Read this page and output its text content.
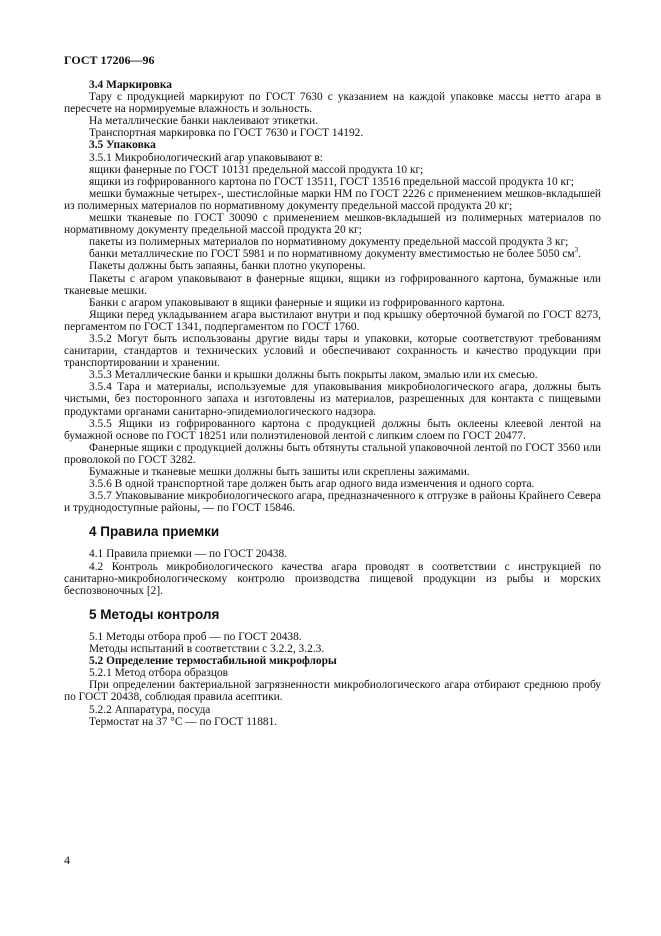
ГОСТ 17206—96

3.4 Маркировка

Тару с продукцией маркируют по ГОСТ 7630 с указанием на каждой упаковке массы нетто агара в пересчете на нормируемые влажность и зольность.

На металлические банки наклеивают этикетки.

Транспортная маркировка по ГОСТ 7630 и ГОСТ 14192.

3.5 Упаковка

3.5.1 Микробиологический агар упаковывают в:

ящики фанерные по ГОСТ 10131 предельной массой продукта 10 кг;

ящики из гофрированного картона по ГОСТ 13511, ГОСТ 13516 предельной массой продукта 10 кг;

мешки бумажные четырех-, шестислойные марки НМ по ГОСТ 2226 с применением мешков-вкладышей из полимерных материалов по нормативному документу предельной массой продукта 20 кг;

мешки тканевые по ГОСТ 30090 с применением мешков-вкладышей из полимерных материалов по нормативному документу предельной массой продукта 20 кг;

пакеты из полимерных материалов по нормативному документу предельной массой продукта 3 кг;

банки металлические по ГОСТ 5981 и по нормативному документу вместимостью не более 5050 $см^3$.

Пакеты должны быть запаяны, банки плотно укупорены.

Пакеты с агаром упаковывают в фанерные ящики, ящики из гофрированного картона, бумажные или тканевые мешки.

Банки с агаром упаковывают в ящики фанерные и ящики из гофрированного картона.

Ящики перед укладыванием агара выстилают внутри и под крышку оберточной бумагой по ГОСТ 8273, пергаментом по ГОСТ 1341, подпергаментом по ГОСТ 1760.

3.5.2 Могут быть использованы другие виды тары и упаковки, которые соответствуют требованиям санитарии, стандартов и технических условий и обеспечивают сохранность и качество продукции при транспортировании и хранении.

3.5.3 Металлические банки и крышки должны быть покрыты лаком, эмалью или их смесью.

3.5.4 Тара и материалы, используемые для упаковывания микробиологического агара, должны быть чистыми, без посторонного запаха и изготовлены из материалов, разрешенных для контакта с пищевыми продуктами органами санитарно-эпидемиологического надзора.

3.5.5 Ящики из гофрированного картона с продукцией должны быть оклеены клеевой лентой на бумажной основе по ГОСТ 18251 или полиэтиленовой лентой с липким слоем по ГОСТ 20477.

Фанерные ящики с продукцией должны быть обтянуты стальной упаковочной лентой по ГОСТ 3560 или проволокой по ГОСТ 3282.

Бумажные и тканевые мешки должны быть зашиты или скреплены зажимами.

3.5.6 В одной транспортной таре должен быть агар одного вида изменчения и одного сорта.

3.5.7 Упаковывание микробиологического агара, предназначенного к отгрузке в районы Крайнего Севера и труднодоступные районы, — по ГОСТ 15846.

4 Правила приемки

4.1 Правила приемки — по ГОСТ 20438.

4.2 Контроль микробиологического качества агара проводят в соответствии с инструкцией по санитарно-микробиологическому контролю производства пищевой продукции из рыбы и морских беспозвоночных [2].

5 Методы контроля

5.1 Методы отбора проб — по ГОСТ 20438.

Методы испытаний в соответствии с 3.2.2, 3.2.3.

5.2 Определение термостабильной микрофлоры

5.2.1 Метод отбора образцов

При определении бактериальной загрязненности микробиологического агара отбирают среднюю пробу по ГОСТ 20438, соблюдая правила асептики.

5.2.2 Аппаратура, посуда

Термостат на 37 °С — по ГОСТ 11881.

4
